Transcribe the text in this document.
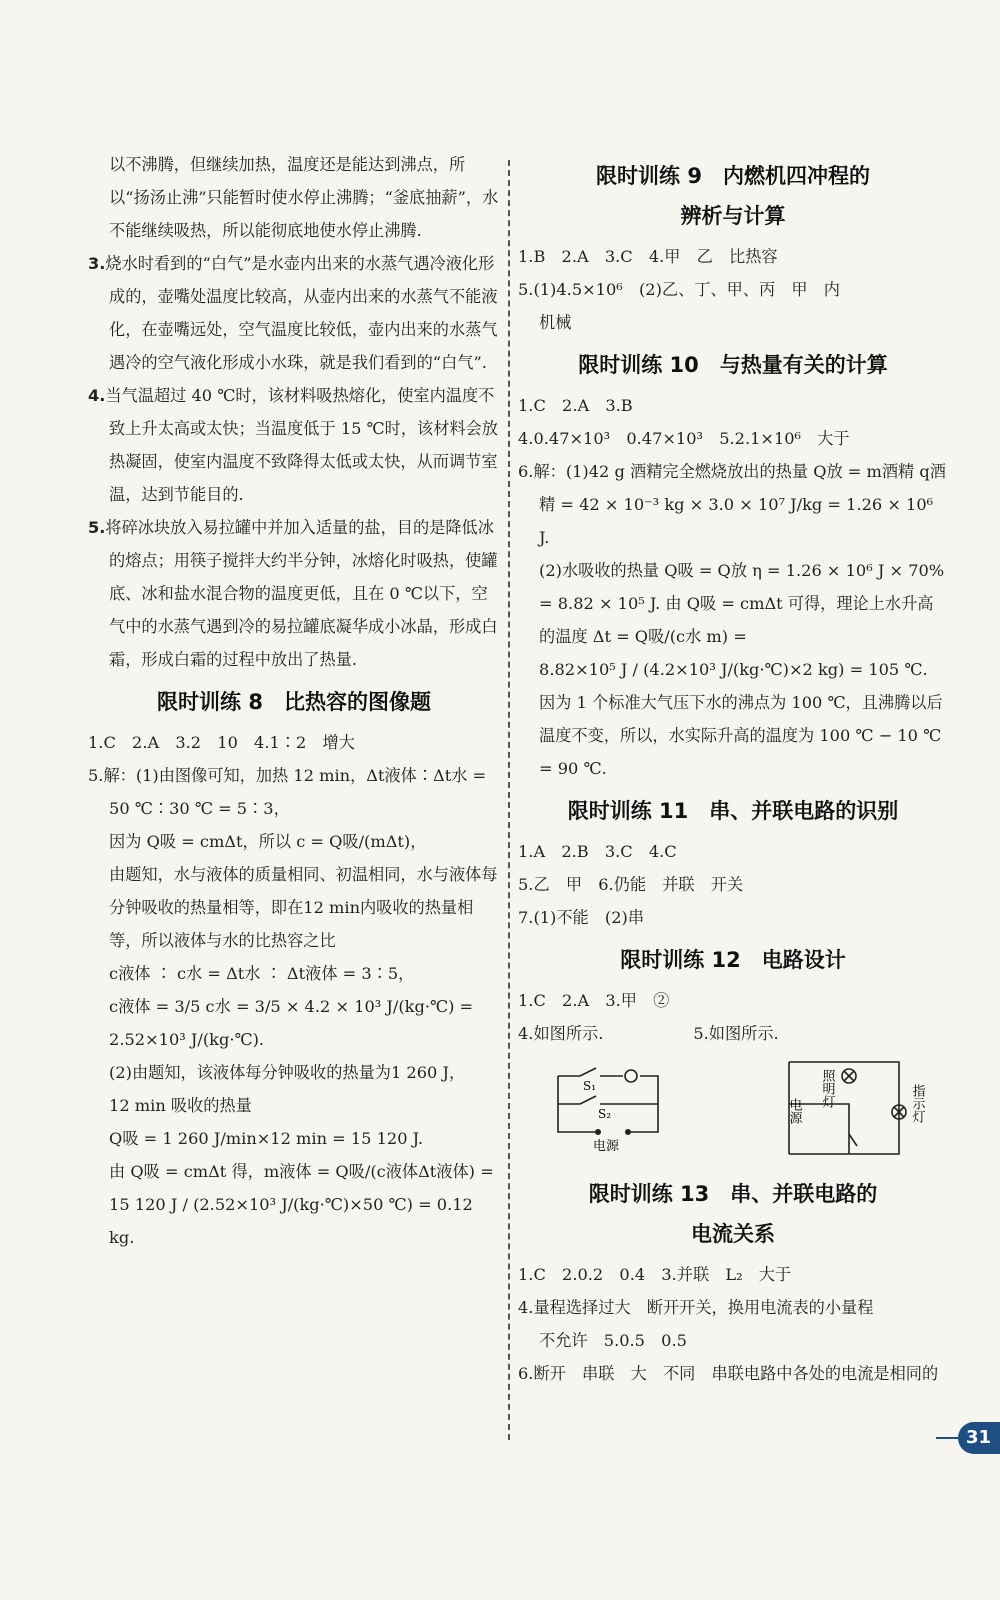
以不沸腾，但继续加热，温度还是能达到沸点，所以“扬汤止沸”只能暂时使水停止沸腾；“釜底抽薪”，水不能继续吸热，所以能彻底地使水停止沸腾.

3.烧水时看到的“白气”是水壶内出来的水蒸气遇冷液化形成的，壶嘴处温度比较高，从壶内出来的水蒸气不能液化，在壶嘴远处，空气温度比较低，壶内出来的水蒸气遇冷的空气液化形成小水珠，就是我们看到的“白气”.

4.当气温超过 40 ℃时，该材料吸热熔化，使室内温度不致上升太高或太快；当温度低于 15 ℃时，该材料会放热凝固，使室内温度不致降得太低或太快，从而调节室温，达到节能目的.

5.将碎冰块放入易拉罐中并加入适量的盐，目的是降低冰的熔点；用筷子搅拌大约半分钟，冰熔化时吸热，使罐底、冰和盐水混合物的温度更低，且在 0 ℃以下，空气中的水蒸气遇到冷的易拉罐底凝华成小冰晶，形成白霜，形成白霜的过程中放出了热量.

限时训练 8　比热容的图像题

1.C　2.A　3.2　10　4.1∶2　增大

5.解：(1)由图像可知，加热 12 min，Δt液体∶Δt水 = 50 ℃∶30 ℃ = 5∶3，

因为 Q吸 = cmΔt，所以 c = Q吸/(mΔt)，

由题知，水与液体的质量相同、初温相同，水与液体每分钟吸收的热量相等，即在12 min内吸收的热量相等，所以液体与水的比热容之比

c液体 ∶ c水 = Δt水 ∶ Δt液体 = 3∶5，

c液体 = 3/5 c水 = 3/5 × 4.2 × 10³ J/(kg·℃) =

2.52×10³ J/(kg·℃).

(2)由题知，该液体每分钟吸收的热量为1 260 J，

12 min 吸收的热量

Q吸 = 1 260 J/min×12 min = 15 120 J.

由 Q吸 = cmΔt 得，m液体 = Q吸/(c液体Δt液体) =

15 120 J / (2.52×10³ J/(kg·℃)×50 ℃) = 0.12 kg.

限时训练 9　内燃机四冲程的
辨析与计算

1.B　2.A　3.C　4.甲　乙　比热容

5.(1)4.5×10⁶　(2)乙、丁、甲、丙　甲　内

机械

限时训练 10　与热量有关的计算

1.C　2.A　3.B

4.0.47×10³　0.47×10³　5.2.1×10⁶　大于

6.解：(1)42 g 酒精完全燃烧放出的热量 Q放 = m酒精 q酒精 = 42 × 10⁻³ kg × 3.0 × 10⁷ J/kg = 1.26 × 10⁶ J.

(2)水吸收的热量 Q吸 = Q放 η = 1.26 × 10⁶ J × 70% = 8.82 × 10⁵ J. 由 Q吸 = cmΔt 可得，理论上水升高的温度 Δt = Q吸/(c水 m) =

8.82×10⁵ J / (4.2×10³ J/(kg·℃)×2 kg) = 105 ℃. 因为 1 个标准大气压下水的沸点为 100 ℃，且沸腾以后温度不变，所以，水实际升高的温度为 100 ℃ − 10 ℃ = 90 ℃.

限时训练 11　串、并联电路的识别

1.A　2.B　3.C　4.C

5.乙　甲　6.仍能　并联　开关

7.(1)不能　(2)串

限时训练 12　电路设计

1.C　2.A　3.甲　②

4.如图所示.	5.如图所示.

S₁
S₂
电源
电源
照明灯	指示灯
限时训练 13　串、并联电路的
电流关系

1.C　2.0.2　0.4　3.并联　L₂　大于

4.量程选择过大　断开开关，换用电流表的小量程

不允许　5.0.5　0.5

6.断开　串联　大　不同　串联电路中各处的电流是相同的

31
